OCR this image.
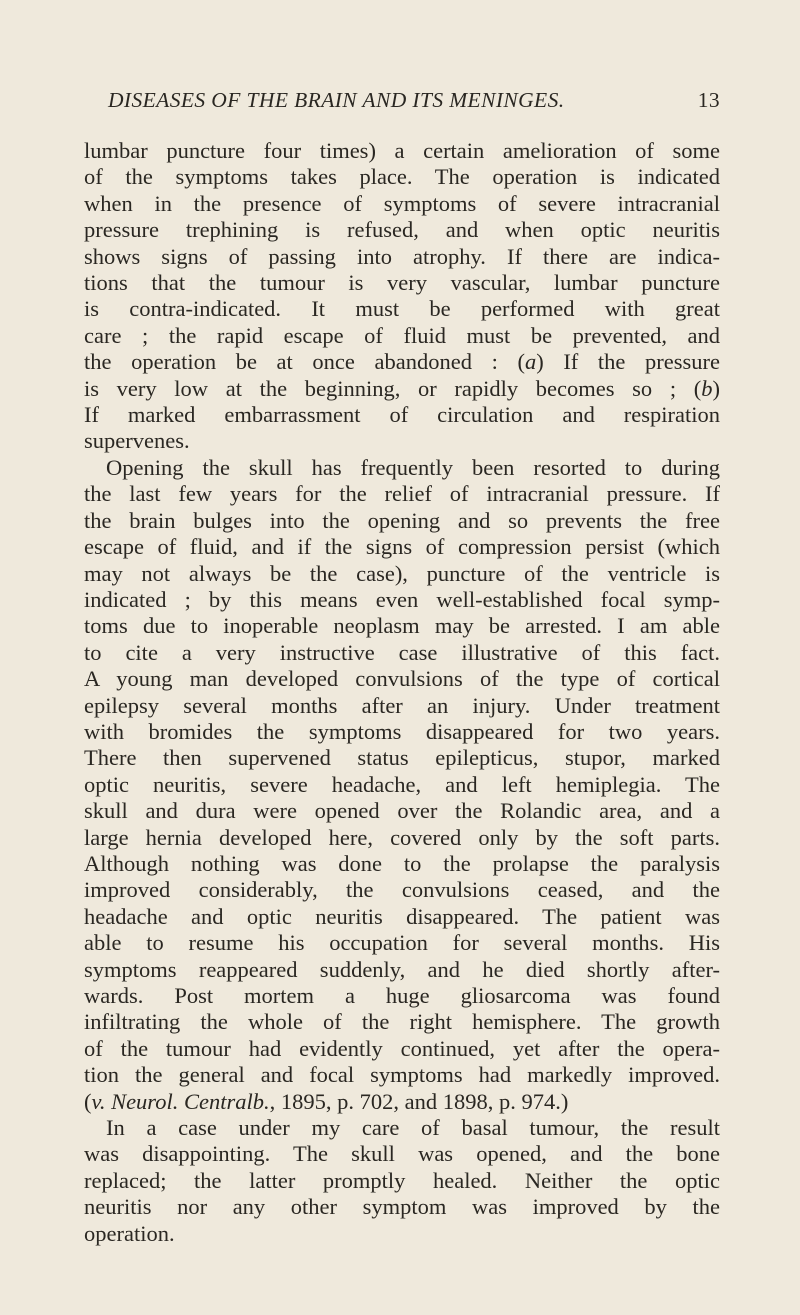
DISEASES OF THE BRAIN AND ITS MENINGES.	13
lumbar puncture four times) a certain amelioration of some
of the symptoms takes place. The operation is indicated
when in the presence of symptoms of severe intracranial
pressure trephining is refused, and when optic neuritis
shows signs of passing into atrophy. If there are indica-
tions that the tumour is very vascular, lumbar puncture
is contra-indicated. It must be performed with great
care ; the rapid escape of fluid must be prevented, and
the operation be at once abandoned : (a) If the pressure
is very low at the beginning, or rapidly becomes so ; (b)
If marked embarrassment of circulation and respiration
supervenes.
Opening the skull has frequently been resorted to during
the last few years for the relief of intracranial pressure. If
the brain bulges into the opening and so prevents the free
escape of fluid, and if the signs of compression persist (which
may not always be the case), puncture of the ventricle is
indicated ; by this means even well-established focal symp-
toms due to inoperable neoplasm may be arrested. I am able
to cite a very instructive case illustrative of this fact.
A young man developed convulsions of the type of cortical
epilepsy several months after an injury. Under treatment
with bromides the symptoms disappeared for two years.
There then supervened status epilepticus, stupor, marked
optic neuritis, severe headache, and left hemiplegia. The
skull and dura were opened over the Rolandic area, and a
large hernia developed here, covered only by the soft parts.
Although nothing was done to the prolapse the paralysis
improved considerably, the convulsions ceased, and the
headache and optic neuritis disappeared. The patient was
able to resume his occupation for several months. His
symptoms reappeared suddenly, and he died shortly after-
wards. Post mortem a huge gliosarcoma was found
infiltrating the whole of the right hemisphere. The growth
of the tumour had evidently continued, yet after the opera-
tion the general and focal symptoms had markedly improved.
(v. Neurol. Centralb., 1895, p. 702, and 1898, p. 974.)
In a case under my care of basal tumour, the result
was disappointing. The skull was opened, and the bone
replaced; the latter promptly healed. Neither the optic
neuritis nor any other symptom was improved by the
operation.
